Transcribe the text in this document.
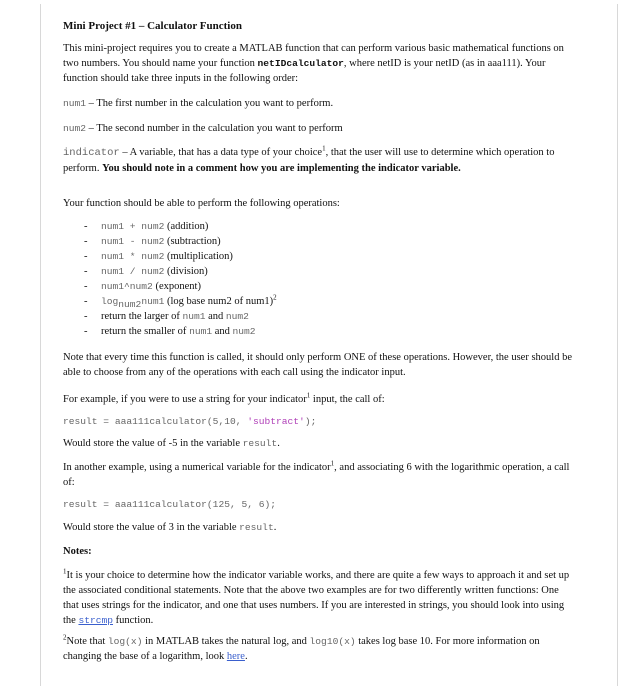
Mini Project #1 – Calculator Function
This mini-project requires you to create a MATLAB function that can perform various basic mathematical functions on two numbers. You should name your function netIDcalculator, where netID is your netID (as in aaa111). Your function should take three inputs in the following order:
num1 – The first number in the calculation you want to perform.
num2 – The second number in the calculation you want to perform
indicator – A variable, that has a data type of your choice$^1$, that the user will use to determine which operation to perform. You should note in a comment how you are implementing the indicator variable.
Your function should be able to perform the following operations:
- num1 + num2 (addition)
- num1 - num2 (subtraction)
- num1 * num2 (multiplication)
- num1 / num2 (division)
- num1^num2 (exponent)
- $\log_{num2}num1$ (log base num2 of num1)$^2$
- return the larger of num1 and num2
- return the smaller of num1 and num2
Note that every time this function is called, it should only perform ONE of these operations. However, the user should be able to choose from any of the operations with each call using the indicator input.
For example, if you were to use a string for your indicator$^1$ input, the call of:
result = aaa111calculator(5,10, 'subtract');
Would store the value of -5 in the variable result.
In another example, using a numerical variable for the indicator$^1$, and associating 6 with the logarithmic operation, a call of:
result = aaa111calculator(125, 5, 6);
Would store the value of 3 in the variable result.
Notes:
$^1$It is your choice to determine how the indicator variable works, and there are quite a few ways to approach it and set up the associated conditional statements. Note that the above two examples are for two differently written functions: One that uses strings for the indicator, and one that uses numbers. If you are interested in strings, you should look into using the strcmp function.
$^2$Note that log(x) in MATLAB takes the natural log, and log10(x) takes log base 10. For more information on changing the base of a logarithm, look here.
